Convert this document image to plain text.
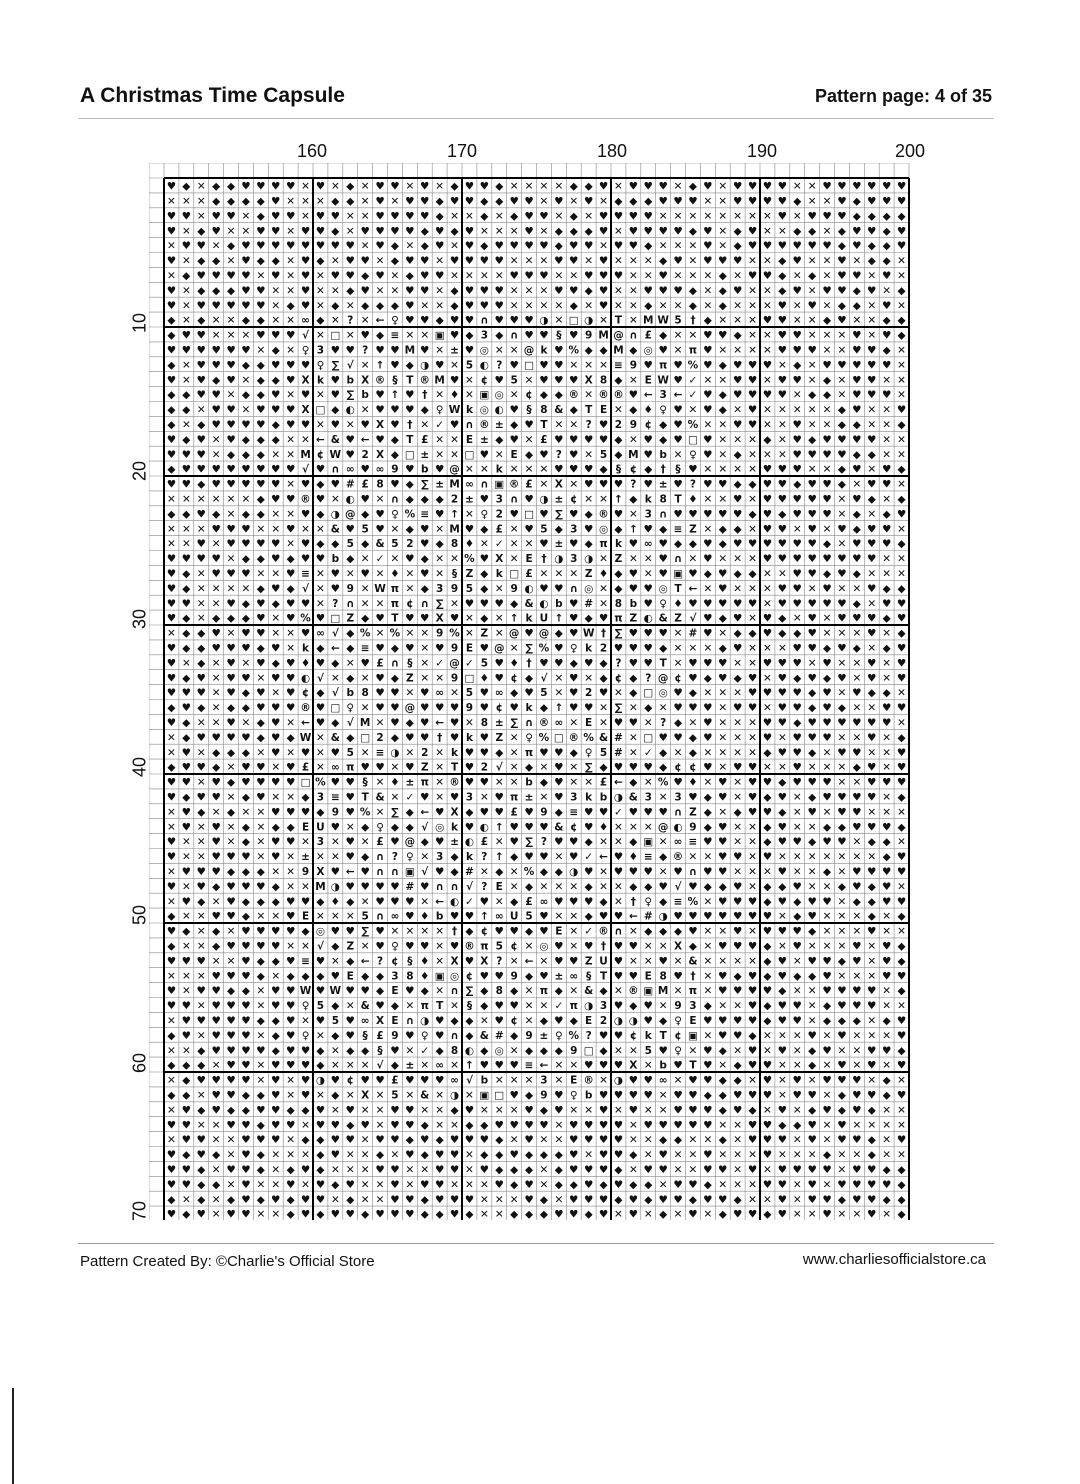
A Christmas Time Capsule	Pattern page: 4 of 35
160	170	180	190	200
10
20
30
40
50
60
70
♥ ◆ ✕ ◆ ◆ ♥ ♥ ♥ ♥ ✕ ♥ ✕ ◆ ✕ ♥ ♥ ✕ ♥ ✕ ◆ ♥ ♥ ◆ ✕ ✕ ✕ ✕ ◆ ◆ ♥ ✕ ♥ ♥ ♥ ✕ ◆ ♥ ✕ ♥ ♥ ♥ ♥ ✕ ✕ ♥ ♥ ♥ ♥ ♥ ♥
✕ ✕ ✕ ◆ ◆ ◆ ◆ ♥ ✕ ✕ ✕ ◆ ◆ ✕ ♥ ✕ ♥ ♥ ◆ ♥ ♥ ◆ ◆ ♥ ♥ ✕ ♥ ✕ ♥ ✕ ◆ ◆ ◆ ♥ ♥ ♥ ✕ ✕ ♥ ♥ ♥ ♥ ◆ ✕ ✕ ♥ ◆ ♥ ♥ ♥
♥ ♥ ✕ ♥ ♥ ✕ ◆ ♥ ♥ ✕ ♥ ♥ ✕ ✕ ♥ ♥ ♥ ♥ ◆ ✕ ✕ ◆ ✕ ◆ ♥ ♥ ✕ ◆ ✕ ♥ ♥ ♥ ♥ ✕ ✕ ✕ ✕ ✕ ✕ ✕ ✕ ♥ ✕ ♥ ♥ ♥ ◆ ◆ ◆ ◆
♥ ✕ ◆ ♥ ✕ ✕ ♥ ♥ ✕ ♥ ♥ ◆ ✕ ♥ ♥ ♥ ♥ ◆ ♥ ◆ ♥ ✕ ✕ ✕ ♥ ✕ ◆ ◆ ◆ ♥ ✕ ♥ ♥ ♥ ♥ ◆ ♥ ✕ ◆ ♥ ✕ ✕ ◆ ◆ ✕ ◆ ♥ ♥ ◆ ♥
✕ ♥ ♥ ✕ ◆ ♥ ♥ ♥ ♥ ♥ ♥ ♥ ♥ ✕ ♥ ◆ ✕ ◆ ♥ ✕ ♥ ◆ ♥ ♥ ♥ ♥ ◆ ♥ ♥ ✕ ♥ ♥ ◆ ✕ ✕ ✕ ♥ ✕ ◆ ♥ ♥ ♥ ♥ ♥ ♥ ◆ ♥ ◆ ◆ ♥
♥ ✕ ◆ ◆ ✕ ♥ ◆ ◆ ✕ ♥ ◆ ✕ ♥ ♥ ✕ ◆ ♥ ♥ ✕ ♥ ♥ ♥ ♥ ✕ ✕ ✕ ♥ ♥ ✕ ♥ ✕ ✕ ✕ ◆ ♥ ✕ ♥ ♥ ♥ ✕ ✕ ◆ ♥ ✕ ✕ ♥ ✕ ◆ ◆ ✕
✕ ◆ ♥ ♥ ♥ ♥ ✕ ♥ ✕ ♥ ✕ ♥ ♥ ◆ ♥ ✕ ◆ ♥ ♥ ✕ ✕ ✕ ✕ ♥ ♥ ♥ ✕ ✕ ♥ ♥ ♥ ✕ ✕ ♥ ✕ ✕ ✕ ◆ ✕ ♥ ♥ ◆ ✕ ◆ ✕ ♥ ♥ ✕ ♥ ✕
♥ ✕ ◆ ◆ ◆ ♥ ♥ ✕ ✕ ♥ ✕ ✕ ◆ ♥ ✕ ✕ ♥ ♥ ✕ ◆ ♥ ♥ ♥ ✕ ✕ ✕ ♥ ♥ ◆ ♥ ✕ ✕ ♥ ♥ ♥ ◆ ✕ ◆ ♥ ✕ ✕ ◆ ♥ ✕ ♥ ♥ ◆ ♥ ✕ ◆
♥ ✕ ♥ ♥ ♥ ♥ ♥ ✕ ◆ ♥ ✕ ◆ ✕ ◆ ◆ ◆ ♥ ✕ ✕ ◆ ♥ ♥ ♥ ✕ ✕ ✕ ✕ ◆ ✕ ♥ ✕ ✕ ◆ ✕ ✕ ◆ ✕ ◆ ✕ ✕ ✕ ♥ ✕ ♥ ✕ ◆ ◆ ✕ ♥ ✕
◆ ✕ ◆ ✕ ✕ ◆ ◆ ✕ ✕ ∞ ◆ ✕ ? ✕ ← ♀ ♥ ♥ ◆ ♥ ♥ ∩ ♥ ♥ ♥ ◑ ✕ □ ◑ ✕ T ✕ M W 5 † ◆ ✕ ✕ ✕ ♥ ♥ ✕ ✕ ◆ ♥ ✕ ✕ ◆ ◆
◆ ♥ ♥ ✕ ✕ ✕ ♥ ♥ ♥ √ ✕ □ ✕ ♥ ◆ ≡ ✕ ✕ ▣ ♥ ◆ 3 ◆ ∩ ♥ ♥ § ♥ 9 M @ ∩ £ ◆ ✕ ✕ ♥ ♥ ◆ ✕ ✕ ♥ ♥ ✕ ✕ ✕ ♥ ✕ ♥ ◆
♥ ♥ ♥ ♥ ♥ ♥ ✕ ◆ ✕ ♀ 3 ♥ ♥ ? ♥ ♥ M ♥ ✕ ± ♥ ◎ ✕ ✕ @ k ♥ % ◆ ◆ M ◆ ◎ ♥ ✕ π ♥ ✕ ✕ ✕ ✕ ♥ ♥ ♥ ✕ ✕ ♥ ♥ ◆ ✕
◆ ✕ ♥ ♥ ♥ ◆ ◆ ♥ ♥ ♥ ♀ ∑ √ ✕ ↑ ♥ ◆ ◑ ♥ ✕ 5 ◐ ? ♥ □ ♥ ♥ ✕ ✕ ✕ ≡ 9 ♥ π ♥ % ♥ ◆ ♥ ♥ ♥ ✕ ◆ ✕ ♥ ♥ ♥ ♥ ♥ ✕
♥ ✕ ♥ ◆ ♥ ✕ ◆ ◆ ♥ X k ♥ b X ® § T ® M ♥ ✕ ¢ ♥ 5 ✕ ♥ ♥ ♥ X 8 ◆ ✕ E W ♥ ✓ ✕ ✕ ♥ ♥ ✕ ♥ ♥ ✕ ◆ ✕ ♥ ♥ ✕ ✕
◆ ◆ ♥ ♥ ✕ ◆ ◆ ♥ ✕ ♥ ✕ ♥ ∑ b ♥ ↑ ♥ † ✕ ♦ ✕ ▣ ◎ ✕ ¢ ◆ ◆ ® ✕ ® ® ♥ ← 3 ← ✓ ♥ ◆ ♥ ♥ ♥ ♥ ✕ ◆ ◆ ✕ ♥ ♥ ♥ ✕
◆ ◆ ✕ ♥ ♥ ✕ ♥ ♥ ♥ X □ ◆ ◐ ✕ ♥ ♥ ♥ ◆ ♀ W k ◎ ◐ ♥ § 8 & ◆ T E ✕ ◆ ♦ ♀ ♥ ✕ ♥ ◆ ✕ ♥ ✕ ✕ ✕ ✕ ✕ ◆ ♥ ✕ ✕ ♥
◆ ✕ ◆ ♥ ♥ ♥ ♥ ◆ ♥ ♥ ✕ ♥ ✕ ♥ X ♥ † ✕ ✓ ♥ ∩ ® ± ◆ ♥ T ✕ ✕ ? ♥ 2 9 ¢ ◆ ♥ % ✕ ✕ ♥ ♥ ✕ ✕ ♥ ✕ ✕ ◆ ◆ ✕ ✕ ◆
♥ ◆ ♥ ✕ ♥ ◆ ◆ ◆ ✕ ✕ ← & ♥ ← ♥ ◆ T £ ✕ ✕ E ± ◆ ♥ ✕ £ ♥ ♥ ♥ ♥ ◆ ✕ ♥ ◆ ♥ □ ♥ ✕ ✕ ✕ ◆ ✕ ♥ ◆ ♥ ♥ ♥ ♥ ✕ ✕
♥ ♥ ♥ ✕ ◆ ◆ ◆ ✕ ✕ M ¢ W ♥ 2 X ◆ □ ± ✕ ✕ □ ♥ ✕ E ◆ ♥ ? ♥ ✕ 5 ◆ M ♥ b ✕ ♀ ♥ ✕ ◆ ✕ ✕ ✕ ♥ ♥ ♥ ♥ ◆ ◆ ✕ ✕
◆ ♥ ♥ ♥ ♥ ♥ ♥ ♥ ♥ √ ♥ ∩ ∞ ♥ ∞ 9 ♥ b ♥ @ ✕ ✕ k ✕ ✕ ✕ ♥ ♥ ♥ ◆ § ¢ ◆ † § ♥ ✕ ✕ ✕ ✕ ♥ ♥ ♥ ✕ ✕ ◆ ♥ ✕ ♥ ◆
♥ ♥ ◆ ♥ ♥ ♥ ♥ ♥ ✕ ♥ ◆ ♥ # £ 8 ♥ ◆ ∑ ± M ∞ ∩ ▣ ® £ ✕ X ✕ ♥ ♥ ♥ ? ♥ ± ♥ ? ♥ ♥ ◆ ◆ ♥ ♥ ◆ ♥ ♥ ◆ ✕ ♥ ♥ ✕
✕ ✕ ✕ ✕ ✕ ✕ ◆ ♥ ♥ ® ♥ ✕ ◐ ♥ ✕ ∩ ◆ ◆ ◆ 2 ± ♥ 3 ∩ ♥ ◑ ± ¢ ✕ ✕ ↑ ◆ k 8 T ♦ ✕ ✕ ♥ ✕ ♥ ♥ ♥ ♥ ♥ ✕ ♥ ◆ ✕ ◆
◆ ◆ ♥ ◆ ✕ ◆ ◆ ✕ ✕ ♥ ◆ ◑ @ ◆ ♥ ♀ % ≡ ♥ ↑ ✕ ♀ 2 ♥ □ ♥ ∑ ♥ ◆ ® ♥ ✕ 3 ∩ ♥ ♥ ♥ ♥ ♥ ◆ ♥ ◆ ♥ ♥ ♥ ✕ ◆ ✕ ◆ ♥
✕ ✕ ✕ ♥ ♥ ♥ ✕ ✕ ♥ ✕ ✕ & ♥ 5 ♥ ✕ ◆ ♥ ✕ M ♥ ◆ £ ✕ ♥ 5 ◆ 3 ♥ ◎ ◆ ↑ ♥ ◆ ≡ Z ✕ ◆ ◆ ✕ ♥ ♥ ✕ ♥ ✕ ♥ ◆ ♥ ♥ ✕
✕ ✕ ♥ ✕ ♥ ♥ ♥ ♥ ✕ ♥ ◆ ◆ 5 ◆ & 5 2 ♥ ◆ 8 ♦ ✕ ✓ ✕ ✕ ♥ ± ♥ ◆ π k ♥ ∞ ♥ ◆ ◆ ♥ ◆ ♥ ♥ ♥ ♥ ♥ ♥ ◆ ✕ ♥ ♥ ♥ ◆
♥ ♥ ♥ ♥ ✕ ◆ ◆ ♥ ◆ ♥ ♥ b ◆ ✕ ✓ ✕ ♥ ◆ ✕ ✕ % ♥ X ✕ E † ◑ 3 ◑ ✕ Z ✕ ✕ ♥ ∩ ✕ ♥ ✕ ✕ ✕ ♥ ♥ ♥ ♥ ♥ ♥ ♥ ♥ ✕ ✕
♥ ◆ ✕ ♥ ♥ ♥ ✕ ✕ ♥ ≡ ✕ ♥ ✕ ♥ ✕ ♦ ✕ ♥ ✕ § Z ◆ k □ £ ✕ ✕ ✕ Z ♦ ◆ ♥ ✕ ♥ ▣ ♥ ◆ ♥ ◆ ◆ ✕ ✕ ♥ ♥ ◆ ♥ ◆ ✕ ✕ ✕
♥ ◆ ✕ ✕ ✕ ✕ ◆ ♥ ◆ √ ✕ ♥ 9 ✕ W π ✕ ◆ 3 9 5 ◆ ✕ 9 ◐ ♥ ♥ ∩ ◎ ✕ ◆ ♥ ♥ ◎ T ← ✕ ♥ ✕ ✕ ✕ ♥ ♥ ✕ ♥ ✕ ✕ ♥ ◆ ◆
♥ ♥ ✕ ✕ ♥ ◆ ♥ ◆ ♥ ♥ ✕ ? ∩ ✕ ✕ π ¢ ∩ ∑ ✕ ♥ ♥ ♥ ◆ & ◐ b ♥ # ✕ 8 b ♥ ♀ ♦ ♥ ♥ ♥ ♥ ♥ ✕ ♥ ♥ ♥ ♥ ♥ ◆ ✕ ♥ ♥
♥ ◆ ✕ ◆ ◆ ◆ ♥ ✕ ♥ % ♥ □ Z ◆ ♥ T ♥ ♥ X ♥ ✕ ◆ ✕ ↑ k U ↑ ♥ ◆ ♥ π Z ◐ & Z √ ♥ ◆ ♥ ✕ ♥ ◆ ✕ ♥ ✕ ♥ ♥ ♥ ◆ ♥
✕ ◆ ◆ ♥ ✕ ♥ ♥ ✕ ✕ ♥ ∞ √ ◆ % ✕ % ✕ ✕ 9 % ✕ Z ✕ @ ♥ @ ◆ ♥ W † ∑ ♥ ♥ ♥ ✕ # ♥ ✕ ◆ ◆ ♥ ◆ ◆ ♥ ✕ ✕ ✕ ♥ ✕ ◆
♥ ◆ ◆ ♥ ♥ ♥ ◆ ♥ ✕ k ◆ ← ◆ ≡ ♥ ◆ ♥ ✕ ♥ 9 E ♥ @ ✕ ∑ % ♥ ♀ k 2 ♥ ♥ ♥ ◆ ✕ ✕ ✕ ◆ ♥ ✕ ✕ ✕ ♥ ♥ ◆ ♥ ◆ ✕ ◆ ♥
♥ ✕ ◆ ✕ ♥ ✕ ♥ ◆ ♥ ♦ ♥ ◆ ✕ ♥ £ ∩ § ✕ ✓ @ ✓ 5 ♥ ♦ † ♥ ♥ ◆ ♥ ◆ ? ♥ ♥ T ✕ ♥ ♥ ♥ ✕ ✕ ♥ ♥ ♥ ✕ ♥ ✕ ✕ ♥ ✕ ♥
♥ ◆ ♥ ✕ ♥ ♥ ✕ ♥ ♥ ◐ √ ✕ ◆ ✕ ♥ ◆ Z ✕ ✕ 9 □ ♦ ♥ ¢ ◆ √ ✕ ♥ ✕ ◆ ¢ ◆ ? @ ¢ ♥ ◆ ♥ ◆ ♥ ✕ ♥ ◆ ♥ ◆ ♥ ✕ ♥ ✕ ♥
♥ ♥ ♥ ✕ ♥ ◆ ♥ ✕ ♥ ¢ ◆ √ b 8 ♥ ♥ ✕ ♥ ∞ ✕ 5 ♥ ∞ ◆ ♥ 5 ✕ ♥ 2 ♥ ✕ ◆ □ ◎ ♥ ◆ ✕ ✕ ✕ ♥ ♥ ♥ ♥ ◆ ♥ ✕ ♥ ◆ ◆ ✕
◆ ♥ ◆ ✕ ◆ ◆ ♥ ♥ ♥ ® ♥ □ ♀ ✕ ♥ ♥ @ ♥ ♥ ♥ 9 ♥ ¢ ♥ k ◆ ↑ ♥ ♥ ✕ ∑ ✕ ◆ ✕ ♥ ♥ ♥ ✕ ♥ ♥ ✕ ♥ ♥ ◆ ♥ ◆ ✕ ✕ ♥ ♥
♥ ◆ ✕ ✕ ♥ ✕ ◆ ♥ ✕ ← ♥ ◆ √ M ✕ ♥ ◆ ♥ ← ♥ ✕ 8 ± ∑ ∩ ® ∞ ✕ E ✕ ♥ ♥ ✕ ? ◆ ✕ ♥ ✕ ✕ ✕ ♥ ♥ ◆ ♥ ♥ ♥ ♥ ♥ ♥ ✕
✕ ◆ ♥ ♥ ♥ ♥ ◆ ♥ ◆ W ✕ & ◆ □ 2 ◆ ♥ ♥ † ♥ k ♥ Z ✕ ♀ % □ ® % & # ✕ □ ♥ ♥ ◆ ♥ ✕ ✕ ✕ ♥ ✕ ♥ ♥ ♥ ✕ ✕ ♥ ✕ ◆
✕ ♥ ✕ ◆ ◆ ◆ ✕ ♥ ✕ ♥ ✕ ♥ 5 ✕ ≡ ◑ ✕ 2 ✕ k ♥ ♥ ◆ ✕ π ♥ ♥ ◆ ♀ 5 # ✕ ✓ ◆ ✕ ◆ ✕ ✕ ✕ ✕ ◆ ♥ ♥ ◆ ✕ ♥ ♥ ✕ ✕ ♥
◆ ♥ ♥ ◆ ✕ ♥ ♥ ✕ ♥ £ ✕ ∞ π ♥ ♥ ✕ ♥ Z ✕ T ♥ 2 √ ✕ ◆ ✕ ♥ ✕ ∑ ◆ ♥ ♥ ♥ ◆ ¢ ¢ ♥ ✕ ♥ ♥ ✕ ✕ ♥ ✕ ✕ ✕ ◆ ♥ ✕ ♥
♥ ♥ ✕ ♥ ◆ ♥ ♥ ♥ ♥ □ % ♥ ♥ § ✕ ♦ ± π ✕ ® ♥ ♥ ✕ ✕ b ◆ ♥ ✕ ✕ £ ← ◆ ✕ % ♥ ♦ ✕ ♥ ✕ ♥ ♥ ◆ ♥ ♥ ♥ ✕ ✕ ♥ ♥ ♥
♥ ◆ ♥ ♥ ✕ ◆ ♥ ✕ ✕ ◆ 3 ≡ ♥ T & ✕ ✓ ♥ ✕ ♥ 3 ✕ ♥ π ± ✕ ♥ 3 k b ◑ & 3 ✕ 3 ♥ ◆ ♥ ✕ ♥ ◆ ♥ ✕ ◆ ♥ ♥ ♥ ♥ ✕ ◆
✕ ♥ ◆ ✕ ◆ ✕ ✕ ♥ ♥ ♥ ◆ 9 ♥ % ✕ ∑ ◆ ← ♥ X ◆ ♥ ♥ £ ♥ 9 ◆ ≡ ♥ ♥ ✓ ♥ ♥ ♥ ∩ Z ◆ ✕ ◆ ♥ ♥ ◆ ✕ ♥ ✕ ♥ ♥ ✕ ✕ ✕
✕ ♥ ✕ ♥ ✕ ◆ ✕ ◆ ◆ E U ♥ ✕ ◆ ♀ ◆ ◆ √ ◎ k ♥ ◐ ↑ ♥ ♥ ♥ & ¢ ♥ ♦ ✕ ✕ ✕ @ ◐ 9 ◆ ♥ ✕ ✕ ◆ ♥ ✕ ✕ ◆ ◆ ♥ ♥ ♥ ◆
♥ ✕ ✕ ♥ ✕ ◆ ✕ ♥ ♥ ✕ 3 ✕ ♥ ✕ £ ♥ @ ◆ ♥ ± ◐ £ ✕ ♥ ∑ ? ♥ ♥ ◆ ✕ ✕ ◆ ▣ ✕ ∞ ≡ ♥ ♥ ✕ ✕ ◆ ♥ ♥ ◆ ♥ ♥ ✕ ◆ ◆ ✕
♥ ✕ ✕ ♥ ♥ ♥ ✕ ♥ ✕ ± ✕ ✕ ♥ ◆ ∩ ? ♀ ✕ 3 ◆ k ? ↑ ◆ ♥ ♥ ✕ ♥ ✓ ← ♥ ♦ ≡ ◆ ® ✕ ✕ ♥ ♥ ✕ ♥ ✕ ✕ ✕ ✕ ✕ ✕ ✕ ◆ ♥
✕ ♥ ♥ ♥ ◆ ◆ ◆ ✕ ✕ 9 X ♥ ← ♥ ∩ ∩ ▣ √ ♥ ◆ # ✕ ◆ ✕ % ◆ ◆ ◑ ♥ ✕ ♥ ♥ ♥ ✕ ♥ ∩ ♥ ♥ ✕ ✕ ✕ ♥ ✕ ✕ ◆ ✕ ♥ ♥ ♥ ♥
♥ ✕ ♥ ◆ ♥ ♥ ♥ ◆ ✕ ✕ M ◑ ♥ ♥ ♥ ♥ # ♥ ∩ ∩ √ ? E ✕ ◆ ✕ ✕ ✕ ◆ ✕ ✕ ◆ ◆ ♥ √ ♥ ◆ ◆ ♥ ✕ ◆ ◆ ♥ ✕ ✕ ◆ ♥ ◆ ♥ ✕
✕ ♥ ◆ ✕ ♥ ◆ ◆ ◆ ♥ ♥ ◆ ♦ ◆ ✕ ♥ ♥ ♥ ✕ ← ◐ ✓ ♥ ✕ ◆ £ ∞ ♥ ♥ ♥ ◆ ✕ † ♀ ◆ ≡ % ✕ ♥ ♥ ♥ ◆ ♥ ◆ ♥ ♥ ✕ ◆ ◆ ♥ ♥
◆ ✕ ✕ ♥ ♥ ◆ ✕ ✕ ♥ E ✕ ✕ ✕ 5 ∩ ∞ ♥ ♦ b ♥ ♥ ↑ ∞ U 5 ♥ ✕ ✕ ◆ ♥ ♥ ← # ◑ ♥ ♥ ♥ ♥ ♥ ♥ ♥ ✕ ◆ ♥ ✕ ✕ ✕ ◆ ✕ ◆
♥ ◆ ✕ ◆ ✕ ♥ ♥ ♥ ♥ ◆ ◎ ♥ ♥ ∑ ♥ ✕ ✕ ✕ ✕ † ◆ ¢ ♥ ♥ ◆ ♥ E ✕ ✓ ® ∩ ✕ ◆ ◆ ◆ ♥ ✕ ✕ ♥ ✕ ♥ ♥ ♥ ◆ ✕ ✕ ✕ ♥ ✕ ✕
◆ ✕ ✕ ◆ ♥ ♥ ♥ ♥ ✕ ✕ √ ◆ Z ✕ ♥ ♀ ♥ ♥ ✕ ♥ ® π 5 ¢ ✕ ◎ ♥ ✕ ♥ † ♥ ♥ ✕ ✕ X ◆ ✕ ♥ ♥ ♥ ◆ ✕ ♥ ✕ ✕ ✕ ♥ ✕ ♥ ◆
♥ ♥ ♥ ✕ ✕ ♥ ◆ ◆ ♥ ≡ ♥ ✕ ◆ ← ? ¢ § ♦ ✕ X ♥ X ? ✕ ← ✕ ♥ ♥ Z U ♥ ✕ ✕ ♥ ✕ & ✕ ✕ ✕ ✕ ◆ ♥ ✕ ♥ ♥ ◆ ♥ ✕ ♥ ◆
✕ ✕ ✕ ♥ ♥ ♥ ◆ ✕ ◆ ◆ ◆ ♥ E ◆ ◆ 3 8 ♦ ▣ ◎ ¢ ♥ ♥ 9 ◆ ♥ ± ∞ § T ♥ ♥ E 8 ♥ † ✕ ♥ ◆ ♥ ◆ ♥ ◆ ◆ ♥ ✕ ✕ ✕ ♥ ♥
♥ ✕ ♥ ♥ ◆ ◆ ✕ ♥ ♥ W ♥ W ♥ ♥ ◆ E ♥ ◆ ✕ ∩ ∑ ◆ 8 ◆ ✕ π ◆ ✕ & ◆ ✕ ® ▣ M ✕ π ✕ ♥ ♥ ♥ ♥ ◆ ✕ ✕ ♥ ♥ ♥ ♥ ✕ ◆
♥ ♥ ✕ ♥ ♥ ♥ ✕ ♥ ♥ ♀ 5 ◆ ✕ & ♥ ◆ ✕ π T ✕ § ◆ ♥ ♥ ✕ ✕ ✓ π ◑ 3 ♥ ◆ ♥ ✕ 9 3 ◆ ✕ ✕ ♥ ◆ ♥ ♥ ✕ ◆ ♥ ♥ ♥ ✕ ✕
✕ ♥ ♥ ♥ ♥ ♥ ◆ ◆ ♥ ✕ ♥ 5 ♥ ∞ X E ∩ ◑ ♥ ◆ ◆ ✕ ♥ ¢ ✕ ◆ ♥ ◆ E 2 ◑ ◑ ♥ ◆ ♀ E ♥ ♥ ♥ ♥ ◆ ♥ ♥ ✕ ◆ ◆ ◆ ✕ ◆ ♥
◆ ♥ ✕ ♥ ♥ ♥ ✕ ◆ ♥ ♀ ✕ ◆ ♥ § £ 9 ♥ ♀ ♥ ∩ ◆ & # ◆ 9 ± ♀ % ? ♥ ♥ ¢ k T ¢ ▣ ✕ ♥ ♥ ◆ ✕ ✕ ✕ ♥ ✕ ♥ ✕ ✕ ✕ ♥
✕ ✕ ◆ ♥ ♥ ♥ ♥ ◆ ♥ ♥ ◆ ✕ ◆ ◆ § ♥ ✕ ✓ ◆ 8 ◐ ◆ ◎ ✕ ◆ ◆ ◆ 9 □ ◆ ✕ ✕ 5 ♥ ♀ ✕ ♥ ◆ ✕ ♥ ✕ ♥ ✕ ◆ ♥ ✕ ✕ ♥ ♥ ◆
◆ ◆ ◆ ✕ ♥ ♥ ✕ ♥ ♥ ♥ ◆ ✕ ✕ ✕ √ ◆ ± ✕ ∞ ✕ ↑ ♥ ♥ ♥ ≡ ← ✕ ✕ ♥ ♥ ♥ X ✕ b ♥ T ♥ ✕ ◆ ♥ ♥ ✕ ✕ ◆ ✕ ♥ ✕ ♥ ✕ ♥
✕ ◆ ♥ ♥ ♥ ♥ ✕ ♥ ✕ ♥ ◑ ♥ ¢ ♥ ♥ £ ♥ ♥ ♥ ∞ √ b ✕ ✕ ✕ 3 ✕ E ® ✕ ◑ ♥ ♥ ∞ ✕ ♥ ♥ ◆ ◆ ✕ ♥ ✕ ♥ ✕ ♥ ♥ ♥ ✕ ◆ ✕
◆ ◆ ✕ ♥ ♥ ◆ ◆ ♥ ✕ ♥ ✕ ◆ ✕ X ✕ 5 ✕ & ✕ ◑ ✕ ▣ □ ♥ ◆ 9 ♥ ♀ b ♥ ♥ ♥ ♥ ✕ ♥ ♥ ◆ ◆ ♥ ♥ ♥ ✕ ♥ ♥ ✕ ◆ ♥ ♥ ◆ ♥
✕ ♥ ◆ ♥ ◆ ◆ ♥ ♥ ◆ ◆ ♥ ✕ ♥ ✕ ✕ ♥ ♥ ✕ ✕ ◆ ♥ ✕ ✕ ✕ ♥ ◆ ♥ ✕ ✕ ♥ ✕ ♥ ✕ ✕ ♥ ♥ ♥ ◆ ♥ ◆ ✕ ♥ ✕ ◆ ♥ ◆ ♥ ◆ ✕ ✕
♥ ♥ ✕ ✕ ♥ ♥ ◆ ♥ ♥ ✕ ♥ ♥ ◆ ♥ ✕ ♥ ♥ ◆ ✕ ✕ ◆ ◆ ♥ ♥ ♥ ♥ ✕ ♥ ♥ ♥ ♥ ✕ ♥ ♥ ♥ ♥ ♥ ✕ ✕ ♥ ♥ ◆ ◆ ♥ ✕ ♥ ✕ ✕ ✕ ✕
✕ ♥ ♥ ✕ ✕ ♥ ♥ ♥ ✕ ◆ ◆ ♥ ♥ ✕ ♥ ♥ ◆ ♥ ◆ ♥ ♥ ♥ ◆ ✕ ♥ ✕ ✕ ♥ ♥ ♥ ♥ ✕ ✕ ◆ ◆ ✕ ✕ ◆ ✕ ♥ ♥ ♥ ✕ ♥ ✕ ♥ ♥ ◆ ✕ ♥
♥ ◆ ♥ ◆ ✕ ♥ ◆ ✕ ✕ ✕ ◆ ♥ ✕ ✕ ◆ ✕ ♥ ◆ ♥ ♥ ✕ ◆ ◆ ♥ ◆ ◆ ◆ ♥ ✕ ♥ ♥ ◆ ✕ ♥ ✕ ✕ ♥ ✕ ✕ ✕ ♥ ✕ ✕ ✕ ◆ ✕ ✕ ◆ ✕ ✕
♥ ♥ ◆ ✕ ♥ ♥ ◆ ✕ ◆ ♥ ◆ ✕ ✕ ✕ ♥ ♥ ✕ ✕ ♥ ♥ ✕ ♥ ◆ ◆ ◆ ✕ ◆ ♥ ♥ ♥ ◆ ✕ ♥ ♥ ✕ ✕ ♥ ♥ ✕ ♥ ✕ ♥ ♥ ♥ ♥ ✕ ♥ ♥ ◆ ◆
♥ ♥ ◆ ◆ ✕ ♥ ✕ ✕ ♥ ✕ ♥ ◆ ♥ ✕ ✕ ♥ ✕ ♥ ♥ ✕ ✕ ✕ ♥ ◆ ♥ ✕ ◆ ◆ ♥ ◆ ♥ ◆ ◆ ✕ ♥ ♥ ◆ ✕ ✕ ✕ ♥ ♥ ✕ ♥ ✕ ♥ ♥ ♥ ♥ ◆
◆ ✕ ◆ ✕ ◆ ♥ ◆ ♥ ◆ ♥ ♥ ✕ ◆ ✕ ✕ ♥ ♥ ◆ ♥ ♥ ♥ ✕ ✕ ✕ ♥ ◆ ✕ ♥ ♥ ♥ ◆ ♥ ◆ ♥ ♥ ◆ ♥ ♥ ◆ ✕ ✕ ♥ ✕ ♥ ♥ ◆ ♥ ♥ ◆ ◆
♥ ◆ ♥ ✕ ♥ ♥ ✕ ✕ ◆ ♥ ◆ ♥ ♥ ◆ ♥ ♥ ♥ ◆ ◆ ♥ ◆ ✕ ✕ ◆ ◆ ◆ ♥ ♥ ◆ ♥ ✕ ♥ ✕ ◆ ✕ ♥ ✕ ◆ ♥ ♥ ◆ ♥ ✕ ✕ ♥ ✕ ✕ ♥ ✕ ◆
Pattern Created By: ©Charlie's Official Store	www.charliesofficialstore.ca
